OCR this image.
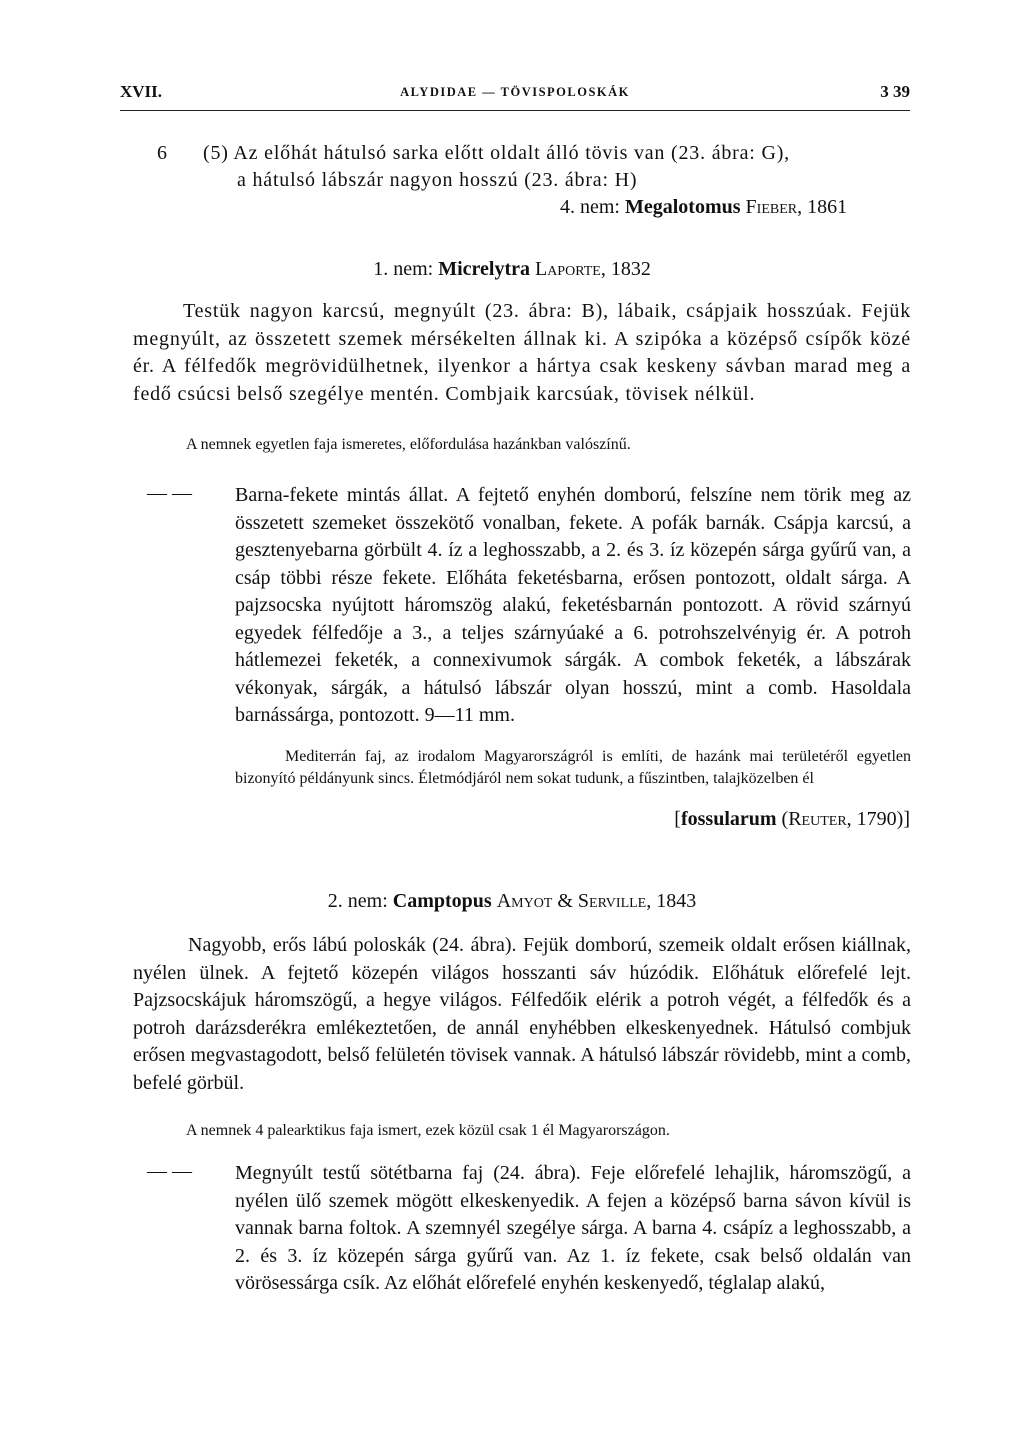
XVII.	ALYDIDAE — TÖVISPOLOSKÁK	3 39
6 (5) Az előhát hátulsó sarka előtt oldalt álló tövis van (23. ábra: G),
a hátulsó lábszár nagyon hosszú (23. ábra: H)
4. nem: Megalotomus Fieber, 1861
1. nem: Micrelytra Laporte, 1832
Testük nagyon karcsú, megnyúlt (23. ábra: B), lábaik, csápjaik hosszúak. Fejük megnyúlt, az összetett szemek mérsékelten állnak ki. A szipóka a középső csípők közé ér. A félfedők megrövidülhetnek, ilyenkor a hártya csak keskeny sávban marad meg a fedő csúcsi belső szegélye mentén. Combjaik karcsúak, tövisek nélkül.
A nemnek egyetlen faja ismeretes, előfordulása hazánkban valószínű.
— — Barna-fekete mintás állat. A fejtető enyhén domború, felszíne nem törik meg az összetett szemeket összekötő vonalban, fekete. A pofák barnák. Csápja karcsú, a gesztenyebarna görbült 4. íz a leghosszabb, a 2. és 3. íz közepén sárga gyűrű van, a csáp többi része fekete. Előháta feketésbarna, erősen pontozott, oldalt sárga. A pajzsocska nyújtott háromszög alakú, feketésbarnán pontozott. A rövid szárnyú egyedek félfedője a 3., a teljes szárnyúaké a 6. potrohszelvényig ér. A potroh hátlemezei feketék, a connexivumok sárgák. A combok feketék, a lábszárak vékonyak, sárgák, a hátulsó lábszár olyan hosszú, mint a comb. Hasoldala barnássárga, pontozott. 9—11 mm.
Mediterrán faj, az irodalom Magyarországról is említi, de hazánk mai területéről egyetlen bizonyító példányunk sincs. Életmódjáról nem sokat tudunk, a fűszintben, talajközelben él
[fossularum (Reuter, 1790)]
2. nem: Camptopus Amyot & Serville, 1843
Nagyobb, erős lábú poloskák (24. ábra). Fejük domború, szemeik oldalt erősen kiállnak, nyélen ülnek. A fejtető közepén világos hosszanti sáv húzódik. Előhátuk előrefelé lejt. Pajzsocskájuk háromszögű, a hegye világos. Félfedőik elérik a potroh végét, a félfedők és a potroh darázsderékra emlékeztetően, de annál enyhébben elkeskenyednek. Hátulsó combjuk erősen megvastagodott, belső felületén tövisek vannak. A hátulsó lábszár rövidebb, mint a comb, befelé görbül.
A nemnek 4 palearktikus faja ismert, ezek közül csak 1 él Magyarországon.
— — Megnyúlt testű sötétbarna faj (24. ábra). Feje előrefelé lehajlik, háromszögű, a nyélen ülő szemek mögött elkeskenyedik. A fejen a középső barna sávon kívül is vannak barna foltok. A szemnyél szegélye sárga. A barna 4. csápíz a leghosszabb, a 2. és 3. íz közepén sárga gyűrű van. Az 1. íz fekete, csak belső oldalán van vörösessárga csík. Az előhát előrefelé enyhén keskenyedő, téglalap alakú,
